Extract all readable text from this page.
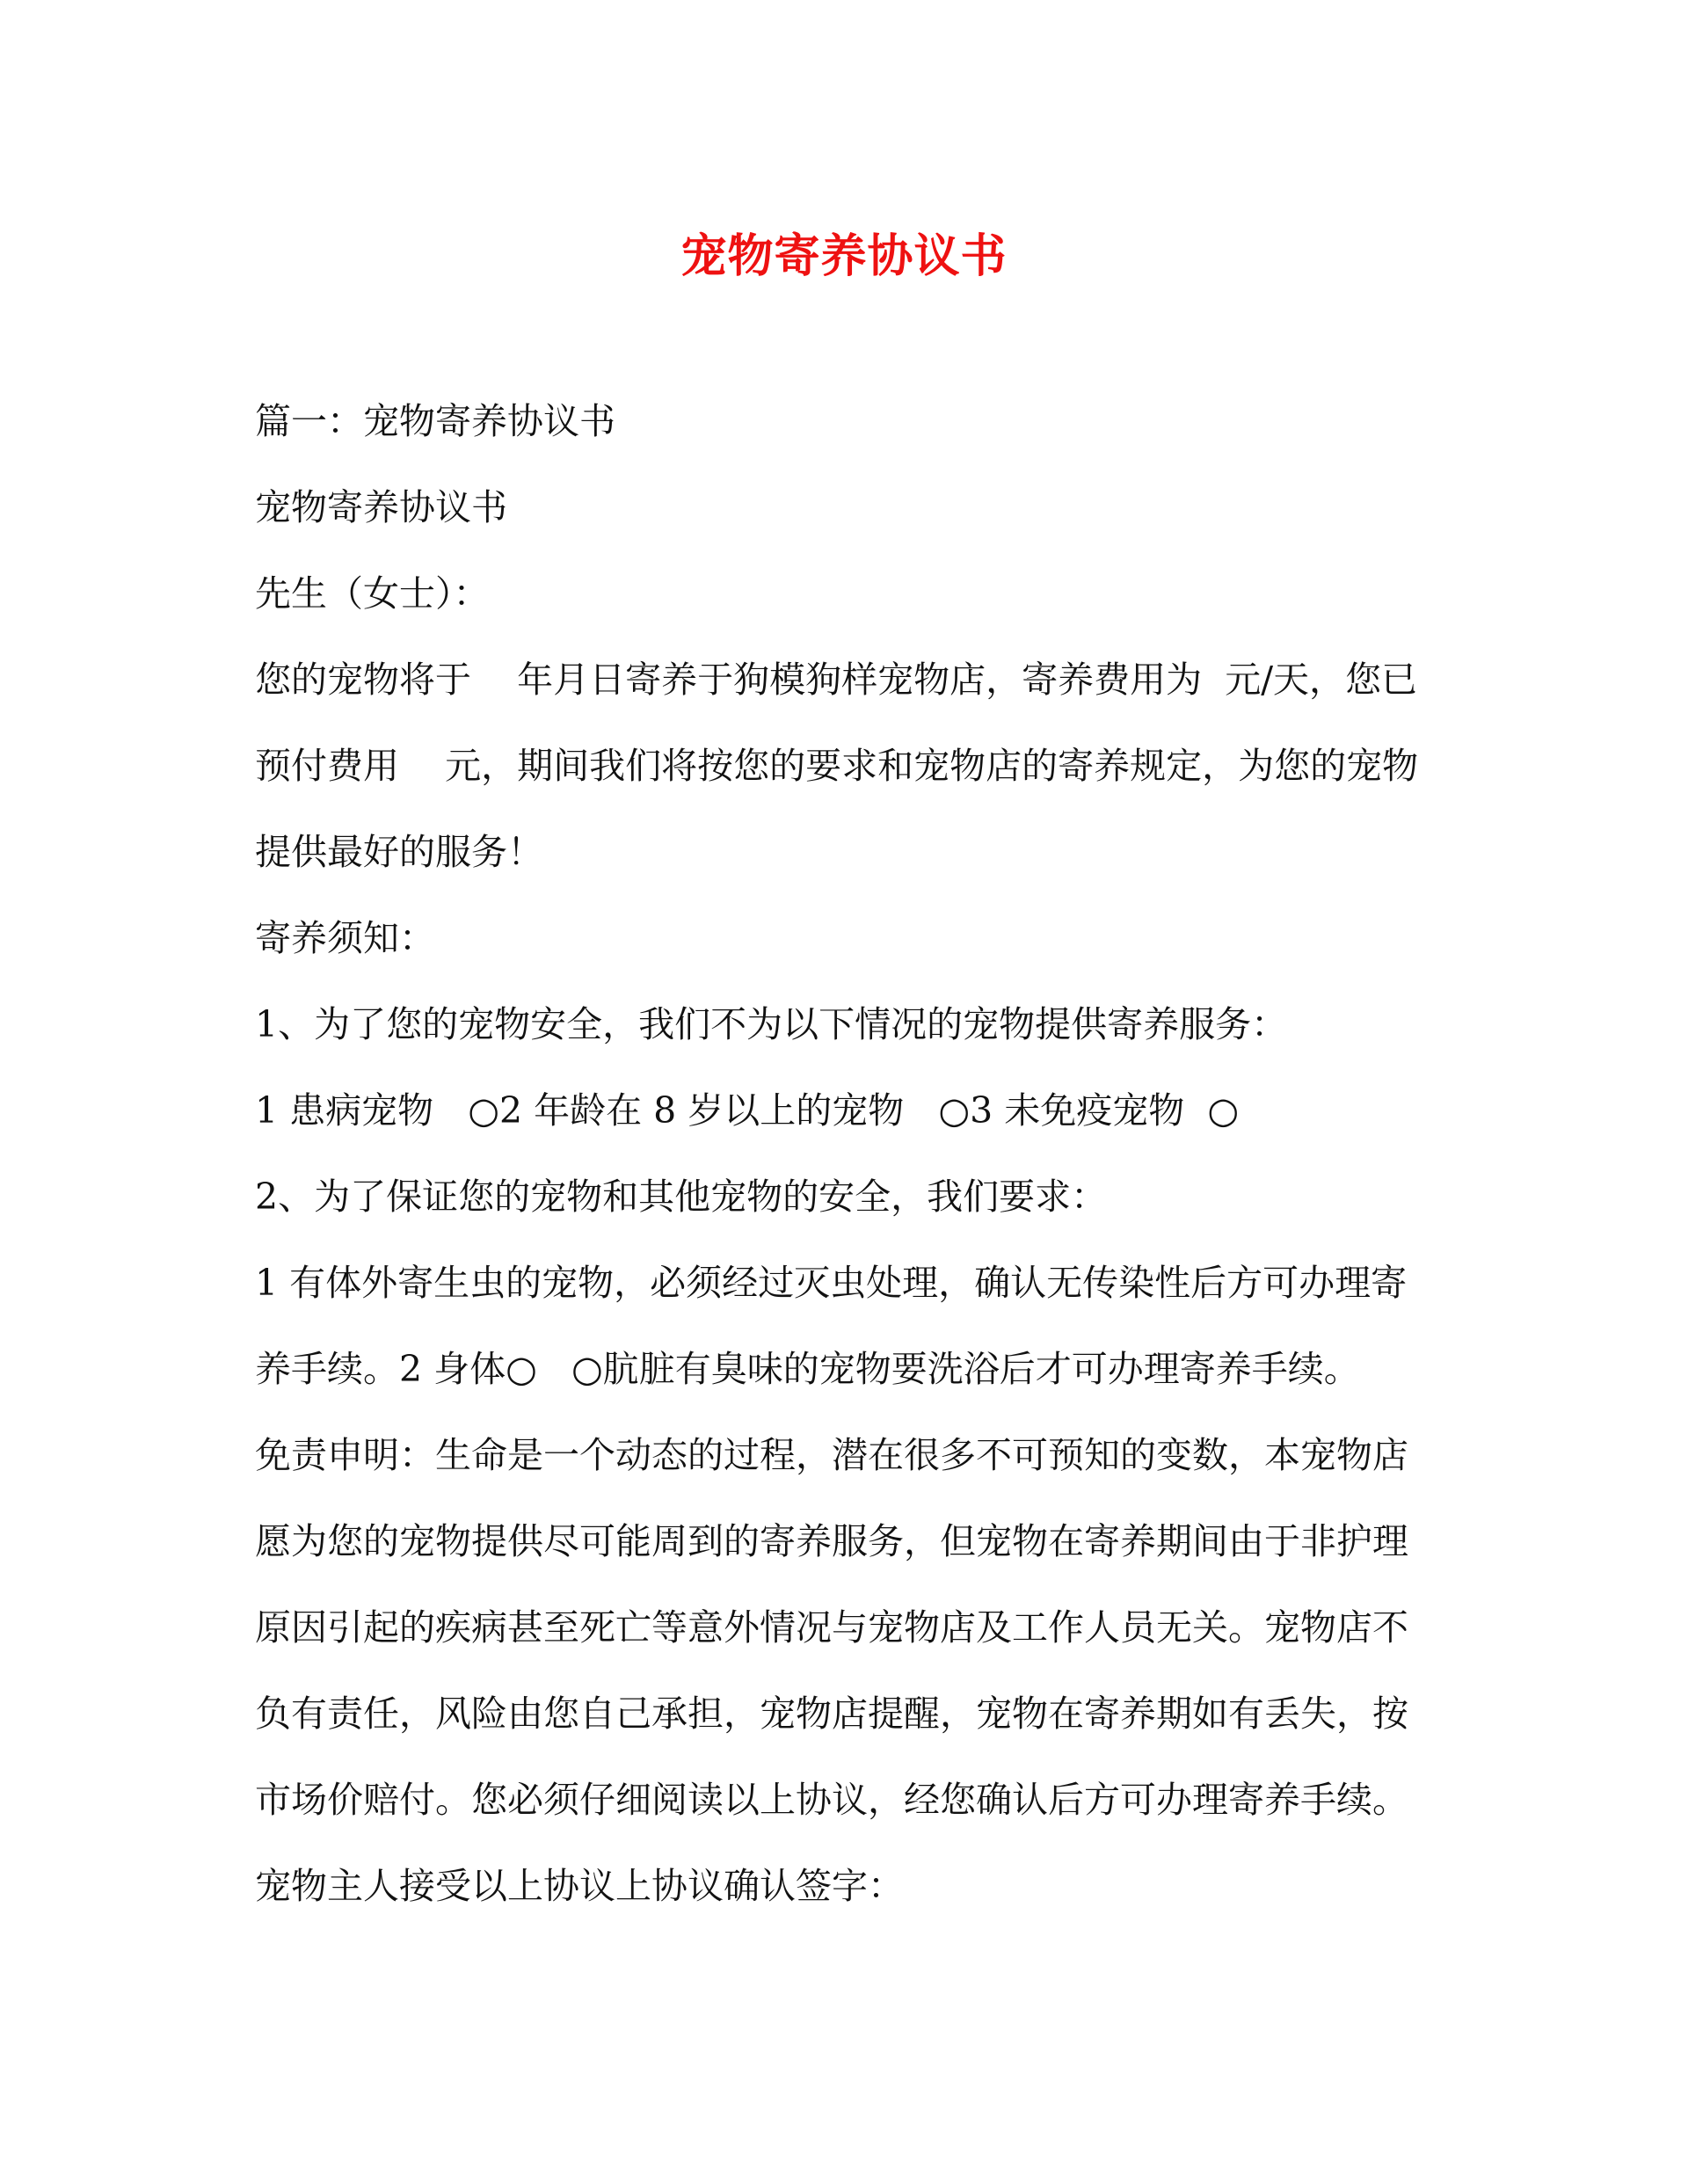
宠物寄养协议书

篇一：宠物寄养协议书

宠物寄养协议书

先生（女士）：

您的宠物将于    年月日寄养于狗模狗样宠物店，寄养费用为  元/天，您已预付费用    元，期间我们将按您的要求和宠物店的寄养规定，为您的宠物提供最好的服务！

寄养须知：

1、为了您的宠物安全，我们不为以下情况的宠物提供寄养服务：

1 患病宠物   ○2 年龄在 8 岁以上的宠物   ○3 未免疫宠物  ○

2、为了保证您的宠物和其他宠物的安全，我们要求：

1 有体外寄生虫的宠物，必须经过灭虫处理，确认无传染性后方可办理寄养手续。2 身体○   ○肮脏有臭味的宠物要洗浴后才可办理寄养手续。

免责申明：生命是一个动态的过程，潜在很多不可预知的变数，本宠物店愿为您的宠物提供尽可能周到的寄养服务，但宠物在寄养期间由于非护理原因引起的疾病甚至死亡等意外情况与宠物店及工作人员无关。宠物店不负有责任，风险由您自己承担，宠物店提醒，宠物在寄养期如有丢失，按市场价赔付。您必须仔细阅读以上协议，经您确认后方可办理寄养手续。 宠物主人接受以上协议上协议确认签字：
